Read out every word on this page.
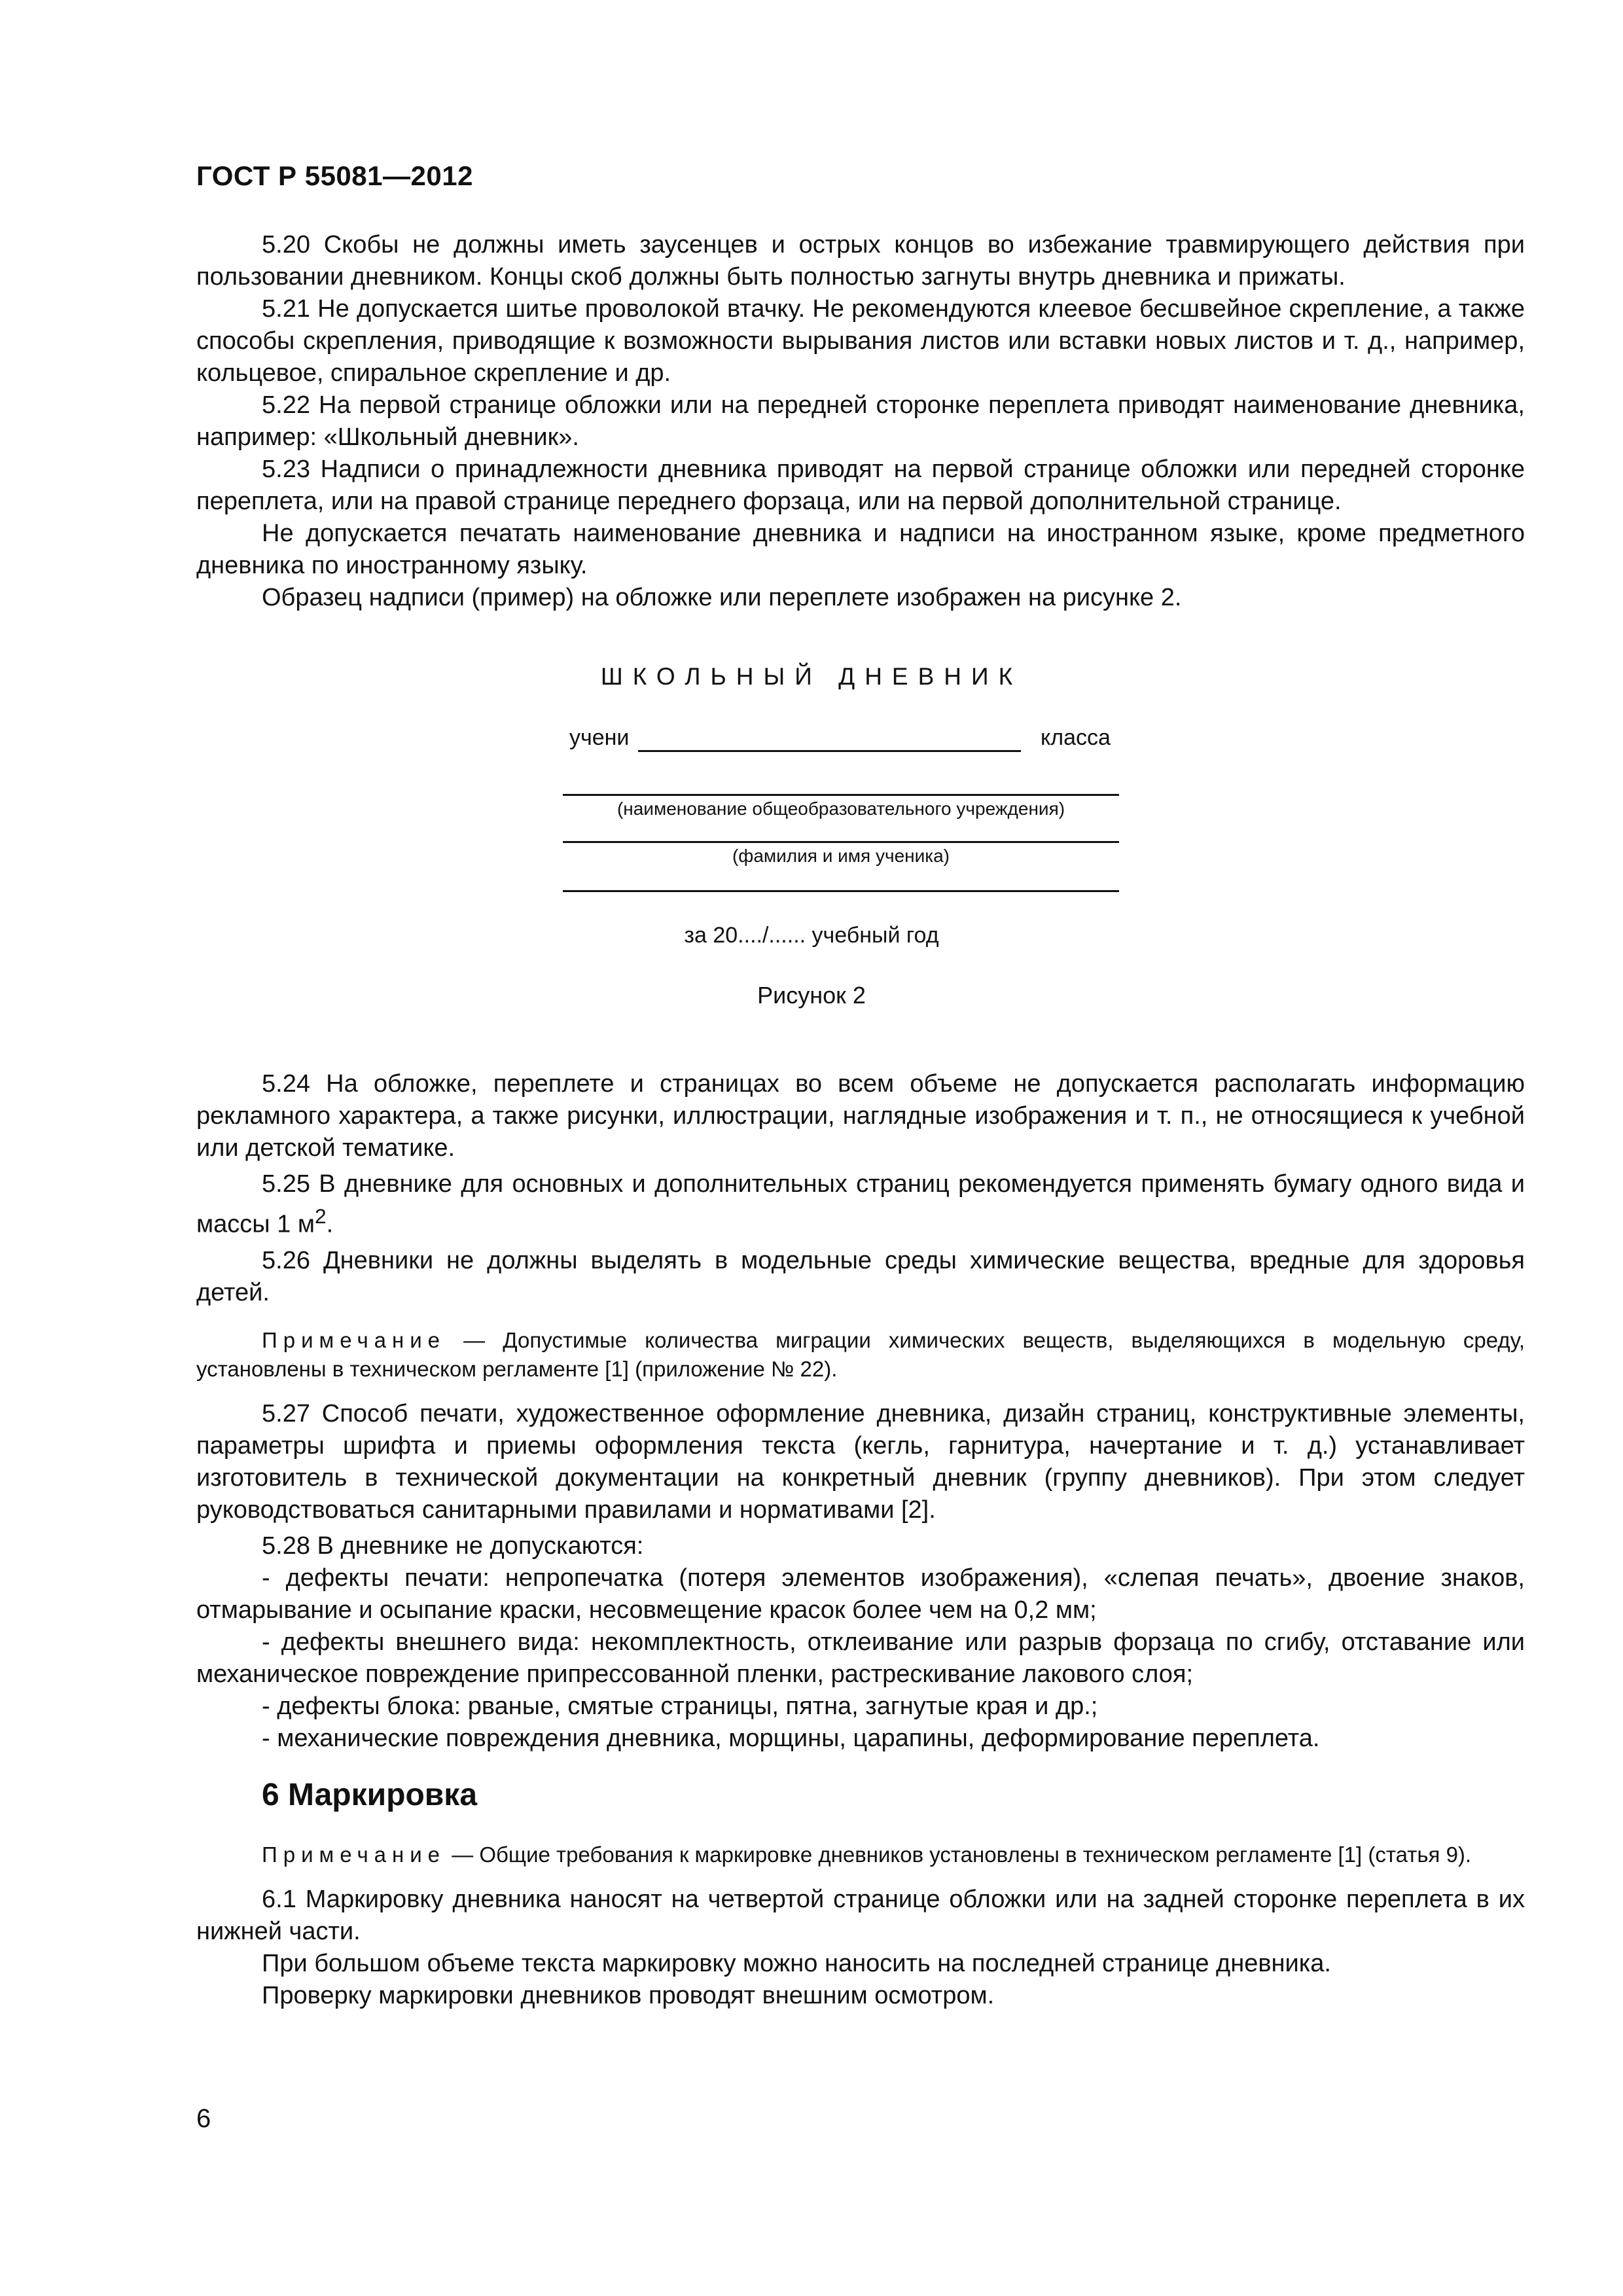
ГОСТ Р 55081—2012

5.20 Скобы не должны иметь заусенцев и острых концов во избежание травмирующего действия при пользовании дневником. Концы скоб должны быть полностью загнуты внутрь дневника и прижаты.

5.21 Не допускается шитье проволокой втачку. Не рекомендуются клеевое бесшвейное скрепление, а также способы скрепления, приводящие к возможности вырывания листов или вставки новых листов и т. д., например, кольцевое, спиральное скрепление и др.

5.22 На первой странице обложки или на передней сторонке переплета приводят наименование дневника, например: «Школьный дневник».

5.23 Надписи о принадлежности дневника приводят на первой странице обложки или передней сторонке переплета, или на правой странице переднего форзаца, или на первой дополнительной странице.

Не допускается печатать наименование дневника и надписи на иностранном языке, кроме предметного дневника по иностранному языку.

Образец надписи (пример) на обложке или переплете изображен на рисунке 2.

ШКОЛЬНЫЙ ДНЕВНИК
учени	класса
(наименование общеобразовательного учреждения)
(фамилия и имя ученика)
за 20..../...... учебный год
Рисунок 2

5.24 На обложке, переплете и страницах во всем объеме не допускается располагать информацию рекламного характера, а также рисунки, иллюстрации, наглядные изображения и т. п., не относящиеся к учебной или детской тематике.

5.25 В дневнике для основных и дополнительных страниц рекомендуется применять бумагу одного вида и массы 1 $м^2$.

5.26 Дневники не должны выделять в модельные среды химические вещества, вредные для здоровья детей.

Примечание — Допустимые количества миграции химических веществ, выделяющихся в модельную среду, установлены в техническом регламенте [1] (приложение № 22).

5.27 Способ печати, художественное оформление дневника, дизайн страниц, конструктивные элементы, параметры шрифта и приемы оформления текста (кегль, гарнитура, начертание и т. д.) устанавливает изготовитель в технической документации на конкретный дневник (группу дневников). При этом следует руководствоваться санитарными правилами и нормативами [2].

5.28 В дневнике не допускаются:

- дефекты печати: непропечатка (потеря элементов изображения), «слепая печать», двоение знаков, отмарывание и осыпание краски, несовмещение красок более чем на 0,2 мм;

- дефекты внешнего вида: некомплектность, отклеивание или разрыв форзаца по сгибу, отставание или механическое повреждение припрессованной пленки, растрескивание лакового слоя;

- дефекты блока: рваные, смятые страницы, пятна, загнутые края и др.;

- механические повреждения дневника, морщины, царапины, деформирование переплета.

6 Маркировка

Примечание — Общие требования к маркировке дневников установлены в техническом регламенте [1] (статья 9).

6.1 Маркировку дневника наносят на четвертой странице обложки или на задней сторонке переплета в их нижней части.

При большом объеме текста маркировку можно наносить на последней странице дневника.

Проверку маркировки дневников проводят внешним осмотром.

6
